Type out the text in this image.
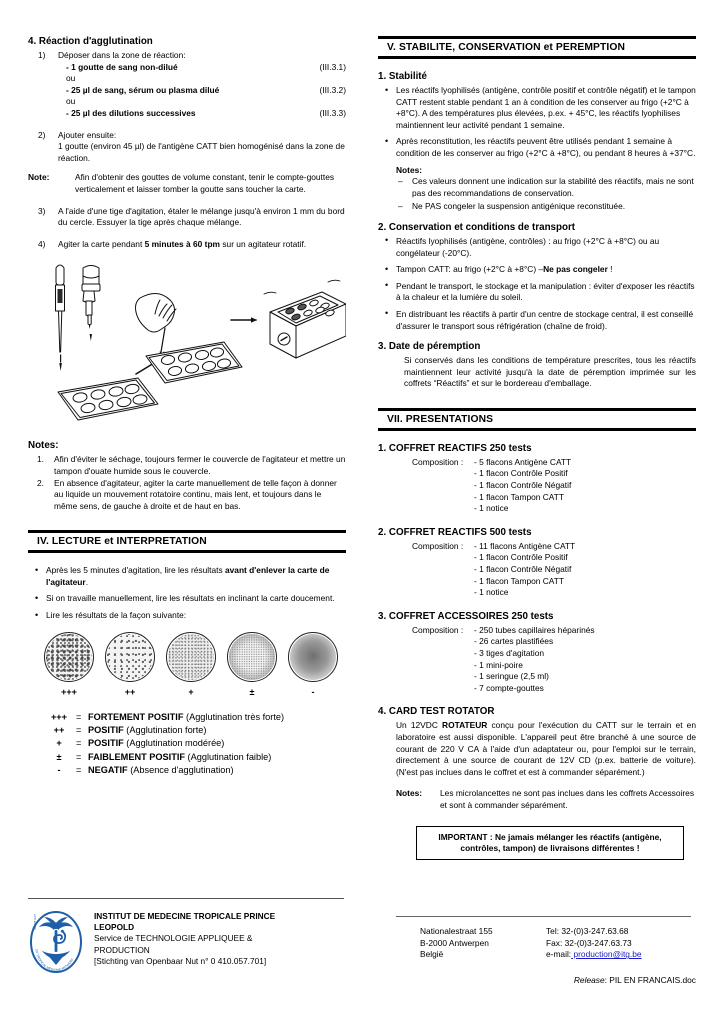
4. Réaction d'agglutination
1) Déposer dans la zone de réaction:
- 1 goutte de sang non-dilué	(III.3.1)
ou
- 25 µl de sang, sérum ou plasma dilué	(III.3.2)
ou
- 25 µl des dilutions successives	(III.3.3)
2) Ajouter ensuite:
1 goutte (environ 45 µl) de l'antigène CATT bien homogénisé dans la zone de réaction.
Note:	Afin d'obtenir des gouttes de volume constant, tenir le compte-gouttes verticalement et laisser tomber la goutte sans toucher la carte.
3) A l'aide d'une tige d'agitation, étaler le mélange jusqu'à environ 1 mm du bord du cercle. Essuyer la tige après chaque mélange.
4) Agiter la carte pendant 5 minutes à 60 tpm sur un agitateur rotatif.
Notes:
1. Afin d'éviter le séchage, toujours fermer le couvercle de l'agitateur et mettre un tampon d'ouate humide sous le couvercle.
2. En absence d'agitateur, agiter la carte manuellement de telle façon à donner au liquide un mouvement rotatoire continu, mais lent, et toujours dans le même sens, de gauche à droite et de haut en bas.
IV. LECTURE et INTERPRETATION
• Après les 5 minutes d'agitation, lire les résultats avant d'enlever la carte de l'agitateur.
• Si on travaille manuellement, lire les résultats en inclinant la carte doucement.
• Lire les résultats de la façon suivante:
+++	++	+	±	-
+++ = FORTEMENT POSITIF (Agglutination très forte)
++	= POSITIF (Agglutination forte)
+	= POSITIF (Agglutination modérée)
±	= FAIBLEMENT POSITIF (Agglutination faible)
-	= NEGATIF (Absence d'agglutination)
V. STABILITE, CONSERVATION et PEREMPTION
1. Stabilité
• Les réactifs lyophilisés (antigène, contrôle positif et contrôle négatif) et le tampon CATT restent stable pendant 1 an à condition de les conserver au frigo (+2°C à +8°C). A des températures plus élevées, p.ex. + 45°C, les réactifs lyophilises maintiennent leur activité pendant 1 semaine.
• Après reconstitution, les réactifs peuvent être utilisés pendant 1 semaine à condition de les conserver au frigo (+2°C à +8°C), ou pendant 8 heures à +37°C.
Notes:
– Ces valeurs donnent une indication sur la stabilité des réactifs, mais ne sont pas des recommandations de conservation.
– Ne PAS congeler la suspension antigénique reconstituée.
2. Conservation et conditions de transport
• Réactifs lyophilisés (antigène, contrôles) : au frigo (+2°C à +8°C) ou au congélateur (-20°C).
• Tampon CATT: au frigo (+2°C à +8°C) –Ne pas congeler !
• Pendant le transport, le stockage et la manipulation : éviter d'exposer les réactifs à la chaleur et la lumière du soleil.
• En distribuant les réactifs à partir d'un centre de stockage central, il est conseillé d'assurer le transport sous réfrigération (chaîne de froid).
3. Date de péremption
Si conservés dans les conditions de température prescrites, tous les réactifs maintiennent leur activité jusqu'à la date de péremption imprimée sur les coffrets “Réactifs” et sur le bordereau d'emballage.
VII. PRESENTATIONS
1. COFFRET REACTIFS 250 tests
Composition :	- 5 flacons Antigène CATT
- 1 flacon Contrôle Positif
- 1 flacon Contrôle Négatif
- 1 flacon Tampon CATT
- 1 notice
2. COFFRET REACTIFS 500 tests
Composition :	- 11 flacons Antigène CATT
- 1 flacon Contrôle Positif
- 1 flacon Contrôle Négatif
- 1 flacon Tampon CATT
- 1 notice
3. COFFRET ACCESSOIRES 250 tests
Composition :	- 250 tubes capillaires héparinés
- 26 cartes plastifiées
- 3 tiges d'agitation
- 1 mini-poire
- 1 seringue (2,5 ml)
- 7 compte-gouttes
4. CARD TEST ROTATOR
Un 12VDC ROTATEUR conçu pour l'exécution du CATT sur le terrain et en laboratoire est aussi disponible. L'appareil peut être branché à une source de courant de 220 V CA à l'aide d'un adaptateur ou, pour l'emploi sur le terrain, directement à une source de courant de 12V CD (p.ex. batterie de voiture). (N'est pas inclues dans le coffret et est à commander séparément.)
Notes: Les microlancettes ne sont pas inclues dans les coffrets Accessoires et sont à commander séparément.
IMPORTANT : Ne jamais mélanger les réactifs (antigène,
contrôles, tampon) de livraisons différentes !
INSTITUUT
OF TROPICAL MEDICINE ANTWERP
INSTITUT DE MEDECINE TROPICALE PRINCE
LEOPOLD
Service de TECHNOLOGIE APPLIQUEE &
PRODUCTION
[Stichting van Openbaar Nut n° 0 410.057.701]
Nationalestraat 155
B-2000 Antwerpen
België
Tel: 32-(0)3-247.63.68
Fax: 32-(0)3-247.63.73
e-mail: production@itg.be
Release: PIL EN FRANCAIS.doc
